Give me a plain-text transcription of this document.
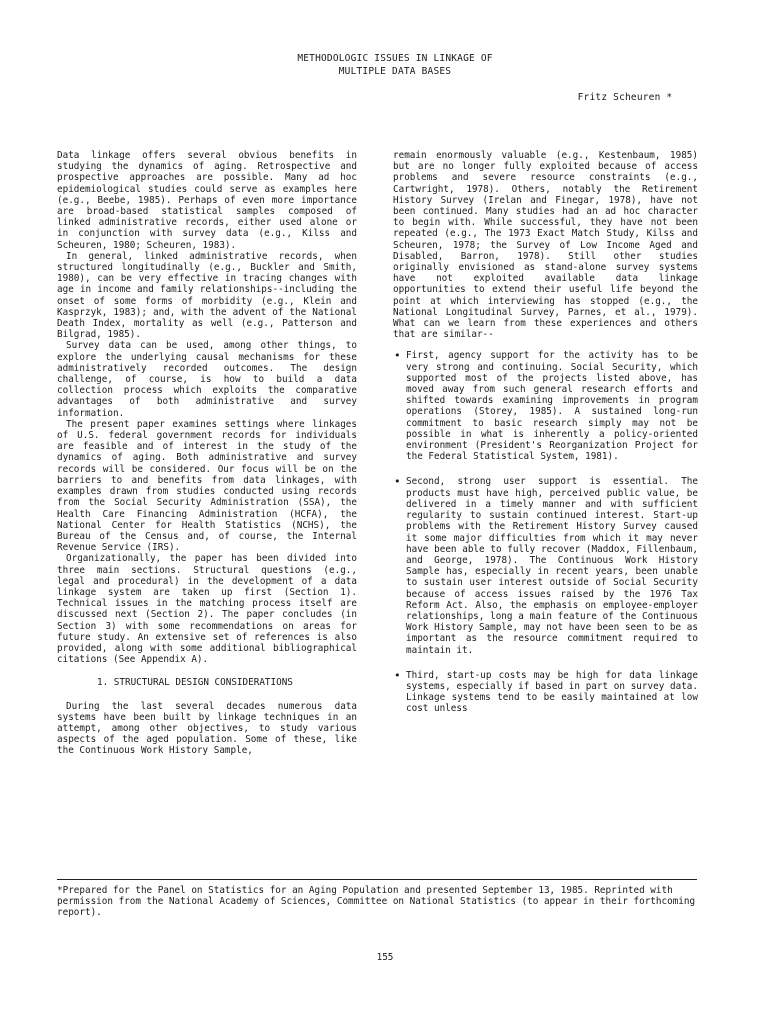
METHODOLOGIC ISSUES IN LINKAGE OF
MULTIPLE DATA BASES
Fritz Scheuren *

Data linkage offers several obvious benefits in studying the dynamics of aging. Retrospective and prospective approaches are possible. Many ad hoc epidemiological studies could serve as examples here (e.g., Beebe, 1985). Perhaps of even more importance are broad-based statistical samples composed of linked administrative records, either used alone or in conjunction with survey data (e.g., Kilss and Scheuren, 1980; Scheuren, 1983).

In general, linked administrative records, when structured longitudinally (e.g., Buckler and Smith, 1980), can be very effective in tracing changes with age in income and family relationships--including the onset of some forms of morbidity (e.g., Klein and Kasprzyk, 1983); and, with the advent of the National Death Index, mortality as well (e.g., Patterson and Bilgrad, 1985).

Survey data can be used, among other things, to explore the underlying causal mechanisms for these administratively recorded outcomes. The design challenge, of course, is how to build a data collection process which exploits the comparative advantages of both administrative and survey information.

The present paper examines settings where linkages of U.S. federal government records for individuals are feasible and of interest in the study of the dynamics of aging. Both administrative and survey records will be considered. Our focus will be on the barriers to and benefits from data linkages, with examples drawn from studies conducted using records from the Social Security Administration (SSA), the Health Care Financing Administration (HCFA), the National Center for Health Statistics (NCHS), the Bureau of the Census and, of course, the Internal Revenue Service (IRS).

Organizationally, the paper has been divided into three main sections. Structural questions (e.g., legal and procedural) in the development of a data linkage system are taken up first (Section 1). Technical issues in the matching process itself are discussed next (Section 2). The paper concludes (in Section 3) with some recommendations on areas for future study. An extensive set of references is also provided, along with some additional bibliographical citations (See Appendix A).

1. STRUCTURAL DESIGN CONSIDERATIONS

During the last several decades numerous data systems have been built by linkage techniques in an attempt, among other objectives, to study various aspects of the aged population. Some of these, like the Continuous Work History Sample,

remain enormously valuable (e.g., Kestenbaum, 1985) but are no longer fully exploited because of access problems and severe resource constraints (e.g., Cartwright, 1978). Others, notably the Retirement History Survey (Irelan and Finegar, 1978), have not been continued. Many studies had an ad hoc character to begin with. While successful, they have not been repeated (e.g., The 1973 Exact Match Study, Kilss and Scheuren, 1978; the Survey of Low Income Aged and Disabled, Barron, 1978). Still other studies originally envisioned as stand-alone survey systems have not exploited available data linkage opportunities to extend their useful life beyond the point at which interviewing has stopped (e.g., the National Longitudinal Survey, Parnes, et al., 1979). What can we learn from these experiences and others that are similar--

• First, agency support for the activity has to be very strong and continuing. Social Security, which supported most of the projects listed above, has moved away from such general research efforts and shifted towards examining improvements in program operations (Storey, 1985). A sustained long-run commitment to basic research simply may not be possible in what is inherently a policy-oriented environment (President's Reorganization Project for the Federal Statistical System, 1981).
• Second, strong user support is essential. The products must have high, perceived public value, be delivered in a timely manner and with sufficient regularity to sustain continued interest. Start-up problems with the Retirement History Survey caused it some major difficulties from which it may never have been able to fully recover (Maddox, Fillenbaum, and George, 1978). The Continuous Work History Sample has, especially in recent years, been unable to sustain user interest outside of Social Security because of access issues raised by the 1976 Tax Reform Act. Also, the emphasis on employee-employer relationships, long a main feature of the Continuous Work History Sample, may not have been seen to be as important as the resource commitment required to maintain it.
• Third, start-up costs may be high for data linkage systems, especially if based in part on survey data. Linkage systems tend to be easily maintained at low cost unless
*Prepared for the Panel on Statistics for an Aging Population and presented September 13, 1985. Reprinted with permission from the National Academy of Sciences, Committee on National Statistics (to appear in their forthcoming report).
155
